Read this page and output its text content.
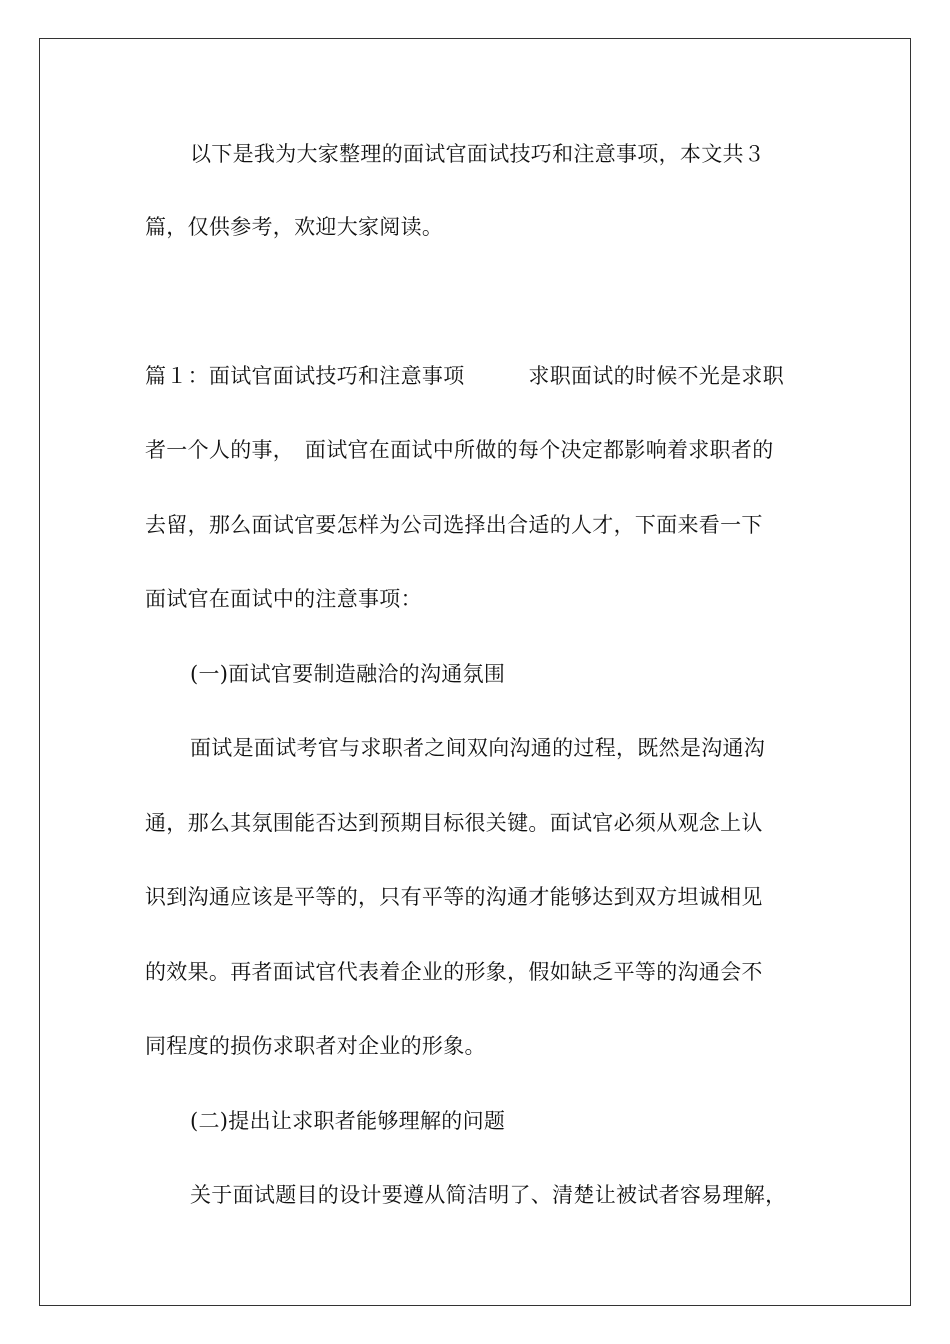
以下是我为大家整理的面试官面试技巧和注意事项，本文共３
篇，仅供参考，欢迎大家阅读。
篇１：面试官面试技巧和注意事项　　　求职面试的时候不光是求职
者一个人的事，　面试官在面试中所做的每个决定都影响着求职者的
去留，那么面试官要怎样为公司选择出合适的人才，下面来看一下
面试官在面试中的注意事项：
(一)面试官要制造融洽的沟通氛围
面试是面试考官与求职者之间双向沟通的过程，既然是沟通沟
通，那么其氛围能否达到预期目标很关键。面试官必须从观念上认
识到沟通应该是平等的，只有平等的沟通才能够达到双方坦诚相见
的效果。再者面试官代表着企业的形象，假如缺乏平等的沟通会不
同程度的损伤求职者对企业的形象。
(二)提出让求职者能够理解的问题
关于面试题目的设计要遵从简洁明了、清楚让被试者容易理解，
